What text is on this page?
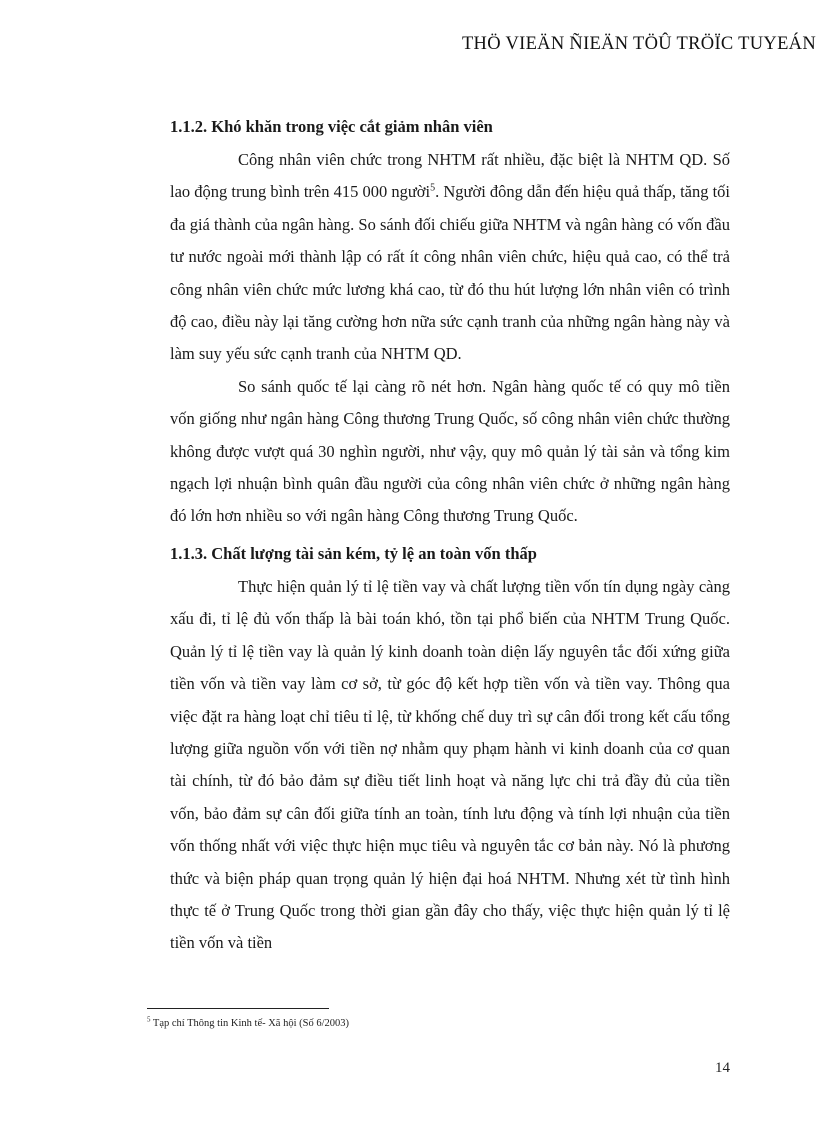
THÖ VIEÄN ÑIEÄN TÖÛ TRÖÏC TUYEÁN
1.1.2. Khó khăn trong việc cắt giảm nhân viên

Công nhân viên chức trong NHTM rất nhiều, đặc biệt là NHTM QD. Số lao động trung bình trên 415 000 người$^5$. Người đông dẫn đến hiệu quả thấp, tăng tối đa giá thành của ngân hàng. So sánh đối chiếu giữa NHTM và ngân hàng có vốn đầu tư nước ngoài mới thành lập có rất ít công nhân viên chức, hiệu quả cao, có thể trả công nhân viên chức mức lương khá cao, từ đó thu hút lượng lớn nhân viên có trình độ cao, điều này lại tăng cường hơn nữa sức cạnh tranh của những ngân hàng này và làm suy yếu sức cạnh tranh của NHTM QD.

So sánh quốc tế lại càng rõ nét hơn. Ngân hàng quốc tế có quy mô tiền vốn giống như ngân hàng Công thương Trung Quốc, số công nhân viên chức thường không được vượt quá 30 nghìn người, như vậy, quy mô quản lý tài sản và tổng kim ngạch lợi nhuận bình quân đầu người của công nhân viên chức ở những ngân hàng đó lớn hơn nhiều so với ngân hàng Công thương Trung Quốc.

1.1.3. Chất lượng tài sản kém, tỷ lệ an toàn vốn thấp

Thực hiện quản lý tỉ lệ tiền vay và chất lượng tiền vốn tín dụng ngày càng xấu đi, tỉ lệ đủ vốn thấp là bài toán khó, tồn tại phổ biến của NHTM Trung Quốc. Quản lý tỉ lệ tiền vay là quản lý kinh doanh toàn diện lấy nguyên tắc đối xứng giữa tiền vốn và tiền vay làm cơ sở, từ góc độ kết hợp tiền vốn và tiền vay. Thông qua việc đặt ra hàng loạt chỉ tiêu tỉ lệ, từ khống chế duy trì sự cân đối trong kết cấu tổng lượng giữa nguồn vốn với tiền nợ nhằm quy phạm hành vi kinh doanh của cơ quan tài chính, từ đó bảo đảm sự điều tiết linh hoạt và năng lực chi trả đầy đủ của tiền vốn, bảo đảm sự cân đối giữa tính an toàn, tính lưu động và tính lợi nhuận của tiền vốn thống nhất với việc thực hiện mục tiêu và nguyên tắc cơ bản này. Nó là phương thức và biện pháp quan trọng quản lý hiện đại hoá NHTM. Nhưng xét từ tình hình thực tế ở Trung Quốc trong thời gian gần đây cho thấy, việc thực hiện quản lý tỉ lệ tiền vốn và tiền

$^5$ Tạp chí Thông tin Kinh tế- Xã hội (Số 6/2003)
14
